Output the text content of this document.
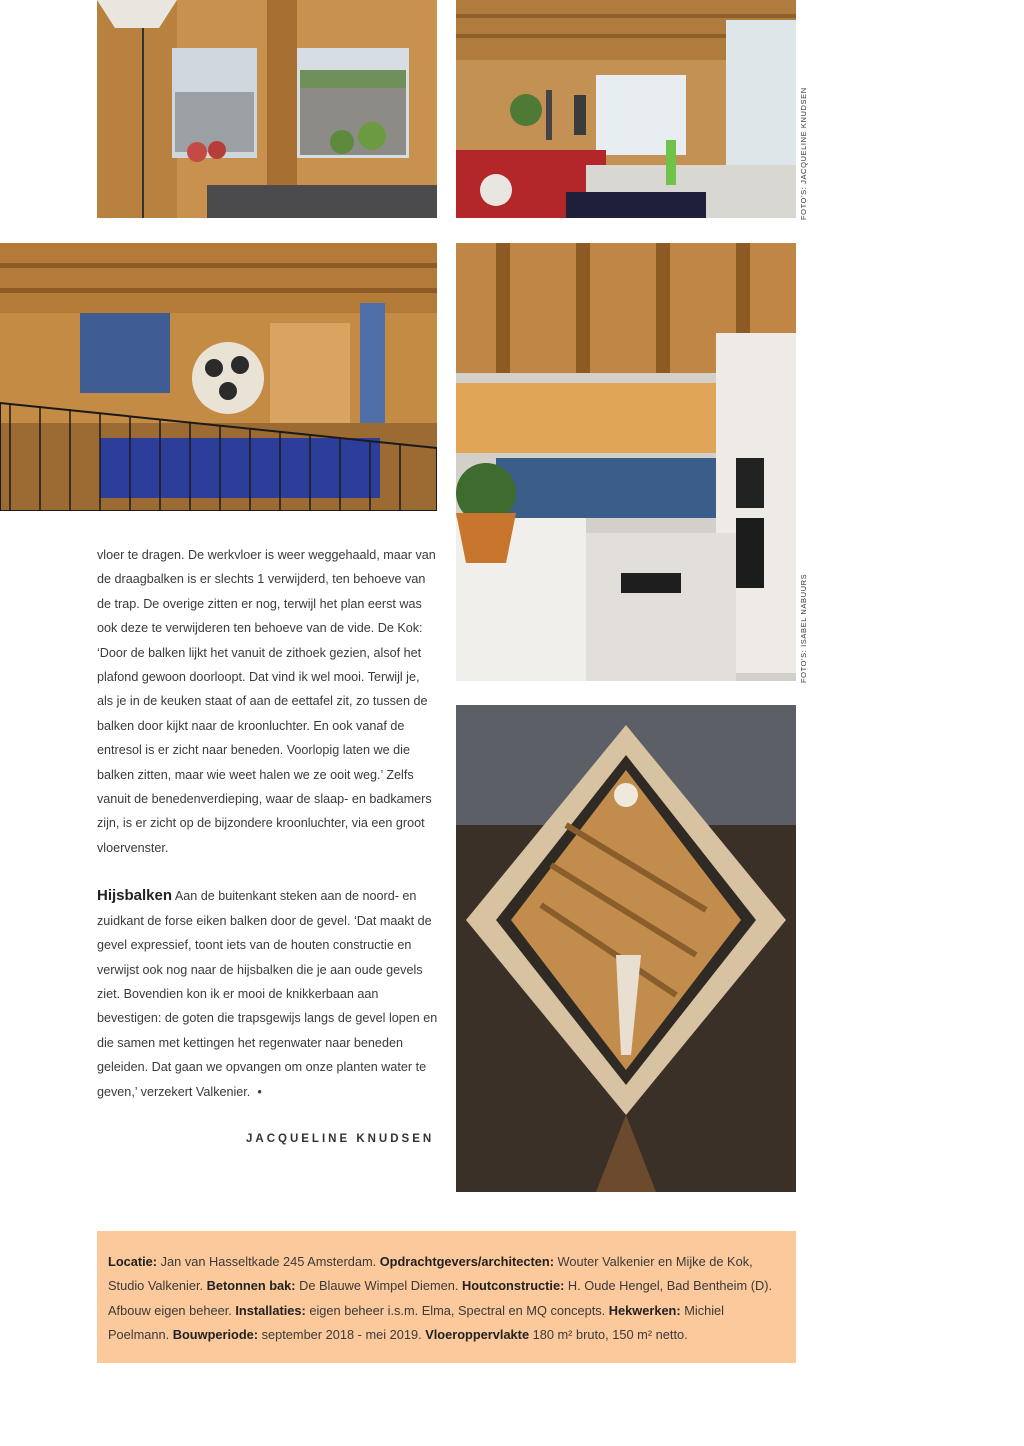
FOTO'S: JACQUELINE KNUDSEN
FOTO'S: ISABEL NABUURS

vloer te dragen. De werkvloer is weer weggehaald, maar van de draagbalken is er slechts 1 verwijderd, ten behoeve van de trap. De overige zitten er nog, terwijl het plan eerst was ook deze te verwijderen ten behoeve van de vide. De Kok: ‘Door de balken lijkt het vanuit de zithoek gezien, alsof het plafond gewoon doorloopt. Dat vind ik wel mooi. Terwijl je, als je in de keuken staat of aan de eettafel zit, zo tussen de balken door kijkt naar de kroonluchter. En ook vanaf de entresol is er zicht naar beneden. Voorlopig laten we die balken zitten, maar wie weet halen we ze ooit weg.’ Zelfs vanuit de benedenverdieping, waar de slaap- en badkamers zijn, is er zicht op de bijzondere kroonluchter, via een groot vloervenster.

Hijsbalken Aan de buitenkant steken aan de noord- en zuidkant de forse eiken balken door de gevel. ‘Dat maakt de gevel expressief, toont iets van de houten constructie en verwijst ook nog naar de hijsbalken die je aan oude gevels ziet. Bovendien kon ik er mooi de knikkerbaan aan bevestigen: de goten die trapsgewijs langs de gevel lopen en die samen met kettingen het regenwater naar beneden geleiden. Dat gaan we opvangen om onze planten water te geven,’ verzekert Valkenier. •

JACQUELINE KNUDSEN

Locatie: Jan van Hasseltkade 245 Amsterdam. Opdrachtgevers/architecten: Wouter Valkenier en Mijke de Kok, Studio Valkenier. Betonnen bak: De Blauwe Wimpel Diemen. Houtconstructie: H. Oude Hengel, Bad Bentheim (D). Afbouw eigen beheer. Installaties: eigen beheer i.s.m. Elma, Spectral en MQ concepts. Hekwerken: Michiel Poelmann. Bouwperiode: september 2018 - mei 2019. Vloeroppervlakte 180 m² bruto, 150 m² netto.
